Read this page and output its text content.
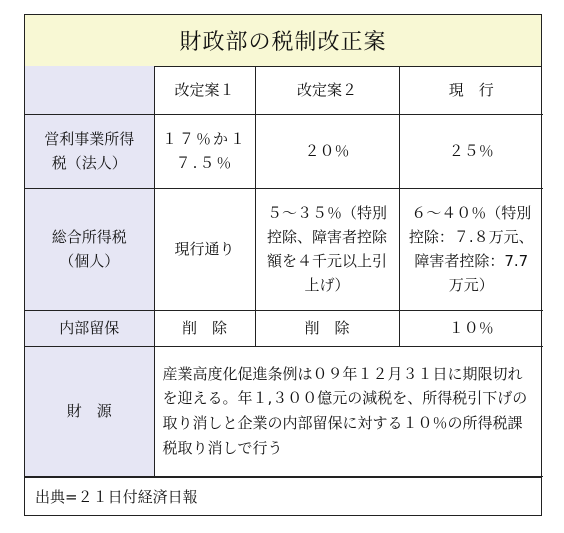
財政部の税制改正案
	改定案１	改定案２	現　行

営利事業所得税（法人）	１７％か１７.５％	２０％	２５％

総合所得税（個人）	現行通り	５〜３５％（特別控除、障害者控除額を４千元以上引上げ）	６〜４０％（特別控除：７.８万元、障害者控除：7.7万元）

内部留保	削　除	削　除	１０％
財　源	産業高度化促進条例は０９年１２月３１日に期限切れを迎える。年１,３００億元の減税を、所得税引下げの取り消しと企業の内部留保に対する１０％の所得税課税取り消しで行う		
出典=２１日付経済日報
